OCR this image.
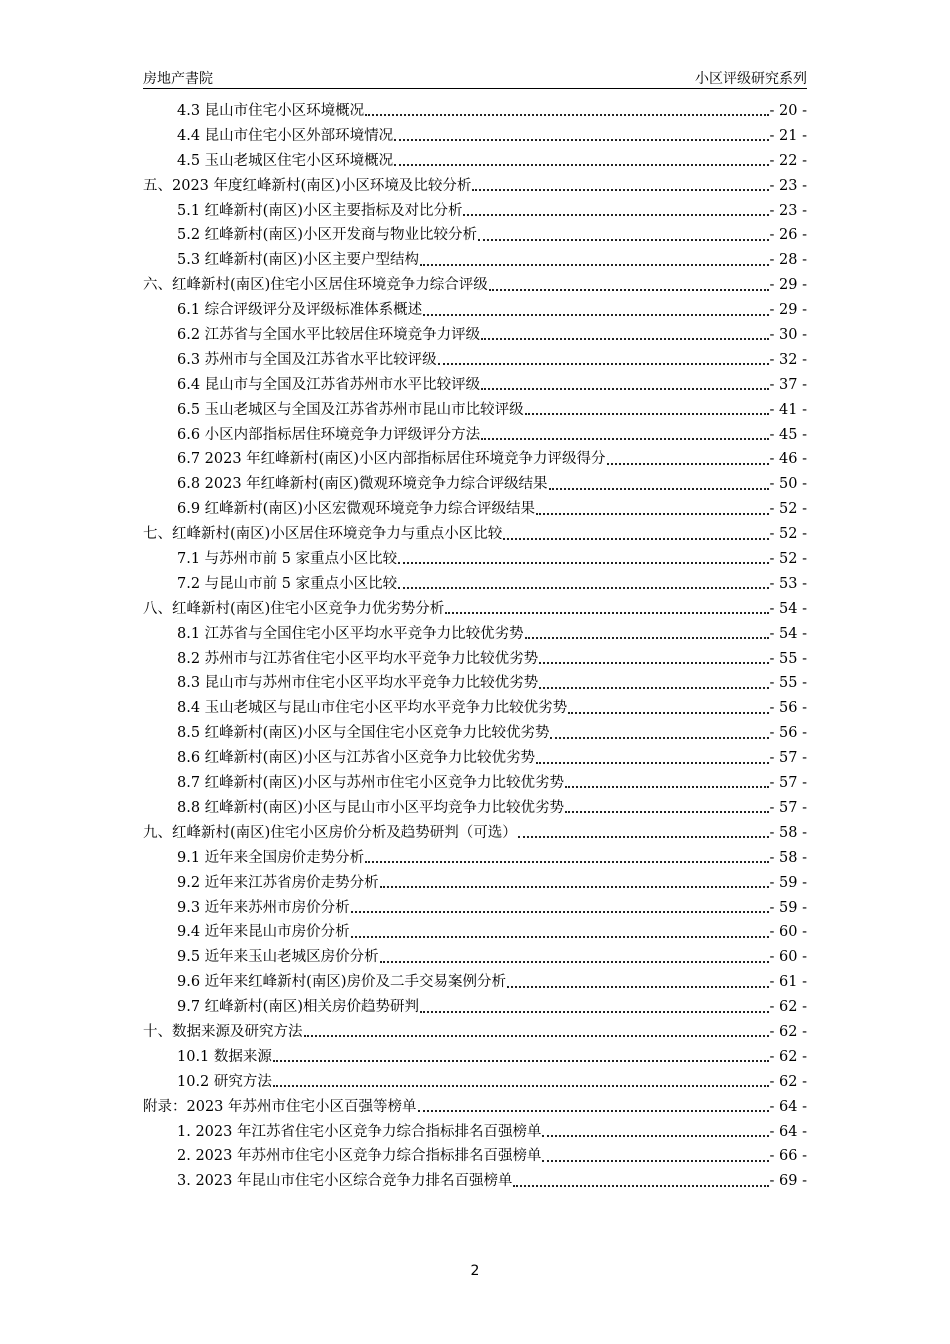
房地产書院	小区评级研究系列
4.3 昆山市住宅小区环境概况	- 20 -
4.4 昆山市住宅小区外部环境情况	- 21 -
4.5 玉山老城区住宅小区环境概况	- 22 -
五、2023 年度红峰新村(南区)小区环境及比较分析	- 23 -
5.1 红峰新村(南区)小区主要指标及对比分析	- 23 -
5.2 红峰新村(南区)小区开发商与物业比较分析	- 26 -
5.3 红峰新村(南区)小区主要户型结构	- 28 -
六、红峰新村(南区)住宅小区居住环境竞争力综合评级	- 29 -
6.1 综合评级评分及评级标准体系概述	- 29 -
6.2 江苏省与全国水平比较居住环境竞争力评级	- 30 -
6.3 苏州市与全国及江苏省水平比较评级	- 32 -
6.4 昆山市与全国及江苏省苏州市水平比较评级	- 37 -
6.5 玉山老城区与全国及江苏省苏州市昆山市比较评级	- 41 -
6.6 小区内部指标居住环境竞争力评级评分方法	- 45 -
6.7 2023 年红峰新村(南区)小区内部指标居住环境竞争力评级得分	- 46 -
6.8 2023 年红峰新村(南区)微观环境竞争力综合评级结果	- 50 -
6.9 红峰新村(南区)小区宏微观环境竞争力综合评级结果	- 52 -
七、红峰新村(南区)小区居住环境竞争力与重点小区比较	- 52 -
7.1 与苏州市前 5 家重点小区比较	- 52 -
7.2 与昆山市前 5 家重点小区比较	- 53 -
八、红峰新村(南区)住宅小区竞争力优劣势分析	- 54 -
8.1 江苏省与全国住宅小区平均水平竞争力比较优劣势	- 54 -
8.2 苏州市与江苏省住宅小区平均水平竞争力比较优劣势	- 55 -
8.3 昆山市与苏州市住宅小区平均水平竞争力比较优劣势	- 55 -
8.4 玉山老城区与昆山市住宅小区平均水平竞争力比较优劣势	- 56 -
8.5 红峰新村(南区)小区与全国住宅小区竞争力比较优劣势	- 56 -
8.6 红峰新村(南区)小区与江苏省小区竞争力比较优劣势	- 57 -
8.7 红峰新村(南区)小区与苏州市住宅小区竞争力比较优劣势	- 57 -
8.8 红峰新村(南区)小区与昆山市小区平均竞争力比较优劣势	- 57 -
九、红峰新村(南区)住宅小区房价分析及趋势研判（可选）	- 58 -
9.1 近年来全国房价走势分析	- 58 -
9.2 近年来江苏省房价走势分析	- 59 -
9.3 近年来苏州市房价分析	- 59 -
9.4 近年来昆山市房价分析	- 60 -
9.5 近年来玉山老城区房价分析	- 60 -
9.6 近年来红峰新村(南区)房价及二手交易案例分析	- 61 -
9.7 红峰新村(南区)相关房价趋势研判	- 62 -
十、数据来源及研究方法	- 62 -
10.1 数据来源	- 62 -
10.2 研究方法	- 62 -
附录：2023 年苏州市住宅小区百强等榜单	- 64 -
1. 2023 年江苏省住宅小区竞争力综合指标排名百强榜单	- 64 -
2. 2023 年苏州市住宅小区竞争力综合指标排名百强榜单	- 66 -
3. 2023 年昆山市住宅小区综合竞争力排名百强榜单	- 69 -
2
